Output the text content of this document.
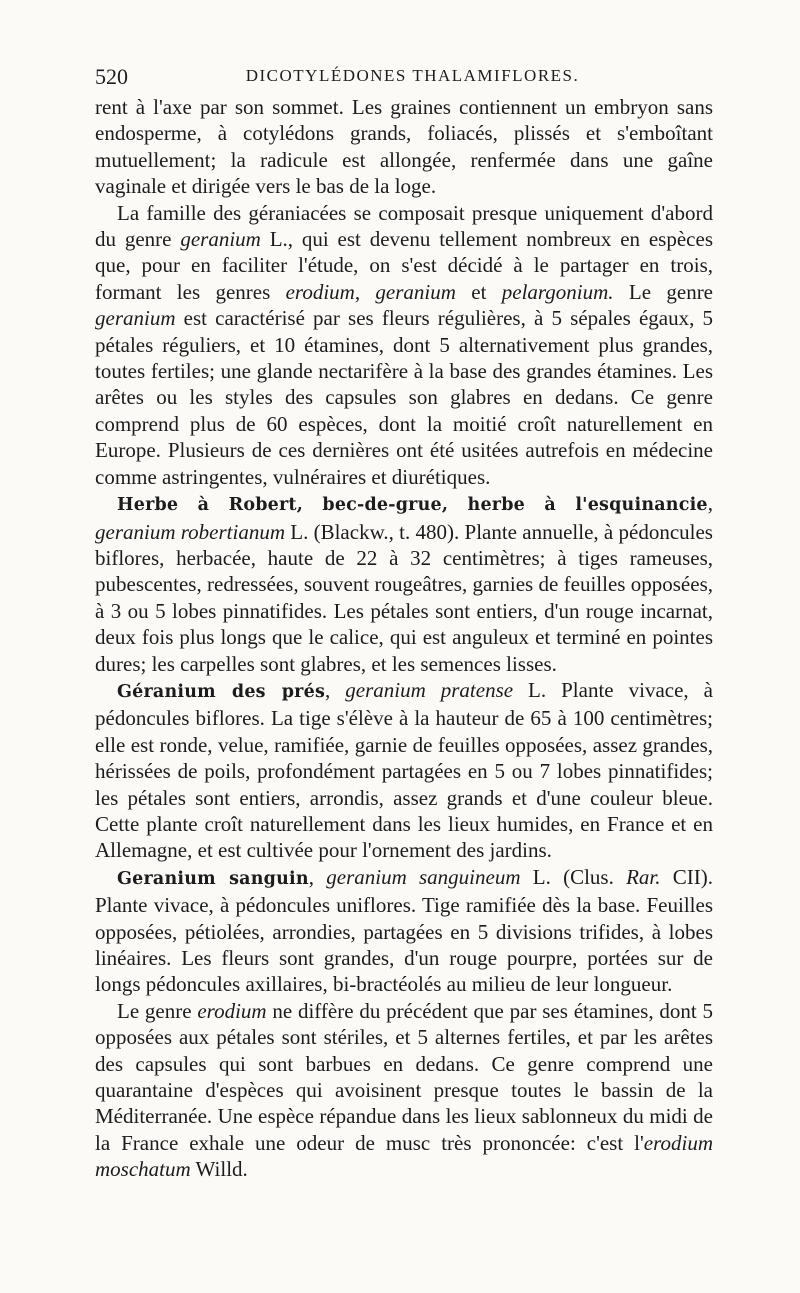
520	DICOTYLÉDONES THALAMIFLORES.

rent à l'axe par son sommet. Les graines contiennent un embryon sans endosperme, à cotylédons grands, foliacés, plissés et s'emboîtant mutuellement; la radicule est allongée, renfermée dans une gaîne vaginale et dirigée vers le bas de la loge.

La famille des géraniacées se composait presque uniquement d'abord du genre geranium L., qui est devenu tellement nombreux en espèces que, pour en faciliter l'étude, on s'est décidé à le partager en trois, formant les genres erodium, geranium et pelargonium. Le genre geranium est caractérisé par ses fleurs régulières, à 5 sépales égaux, 5 pétales réguliers, et 10 étamines, dont 5 alternativement plus grandes, toutes fertiles; une glande nectarifère à la base des grandes étamines. Les arêtes ou les styles des capsules son glabres en dedans. Ce genre comprend plus de 60 espèces, dont la moitié croît naturellement en Europe. Plusieurs de ces dernières ont été usitées autrefois en médecine comme astringentes, vulnéraires et diurétiques.

Herbe à Robert, bec-de-grue, herbe à l'esquinancie, geranium robertianum L. (Blackw., t. 480). Plante annuelle, à pédoncules biflores, herbacée, haute de 22 à 32 centimètres; à tiges rameuses, pubescentes, redressées, souvent rougeâtres, garnies de feuilles opposées, à 3 ou 5 lobes pinnatifides. Les pétales sont entiers, d'un rouge incarnat, deux fois plus longs que le calice, qui est anguleux et terminé en pointes dures; les carpelles sont glabres, et les semences lisses.

Géranium des prés, geranium pratense L. Plante vivace, à pédoncules biflores. La tige s'élève à la hauteur de 65 à 100 centimètres; elle est ronde, velue, ramifiée, garnie de feuilles opposées, assez grandes, hérissées de poils, profondément partagées en 5 ou 7 lobes pinnatifides; les pétales sont entiers, arrondis, assez grands et d'une couleur bleue. Cette plante croît naturellement dans les lieux humides, en France et en Allemagne, et est cultivée pour l'ornement des jardins.

Geranium sanguin, geranium sanguineum L. (Clus. Rar. CII). Plante vivace, à pédoncules uniflores. Tige ramifiée dès la base. Feuilles opposées, pétiolées, arrondies, partagées en 5 divisions trifides, à lobes linéaires. Les fleurs sont grandes, d'un rouge pourpre, portées sur de longs pédoncules axillaires, bi-bractéolés au milieu de leur longueur.

Le genre erodium ne diffère du précédent que par ses étamines, dont 5 opposées aux pétales sont stériles, et 5 alternes fertiles, et par les arêtes des capsules qui sont barbues en dedans. Ce genre comprend une quarantaine d'espèces qui avoisinent presque toutes le bassin de la Méditerranée. Une espèce répandue dans les lieux sablonneux du midi de la France exhale une odeur de musc très prononcée: c'est l'erodium moschatum Willd.
